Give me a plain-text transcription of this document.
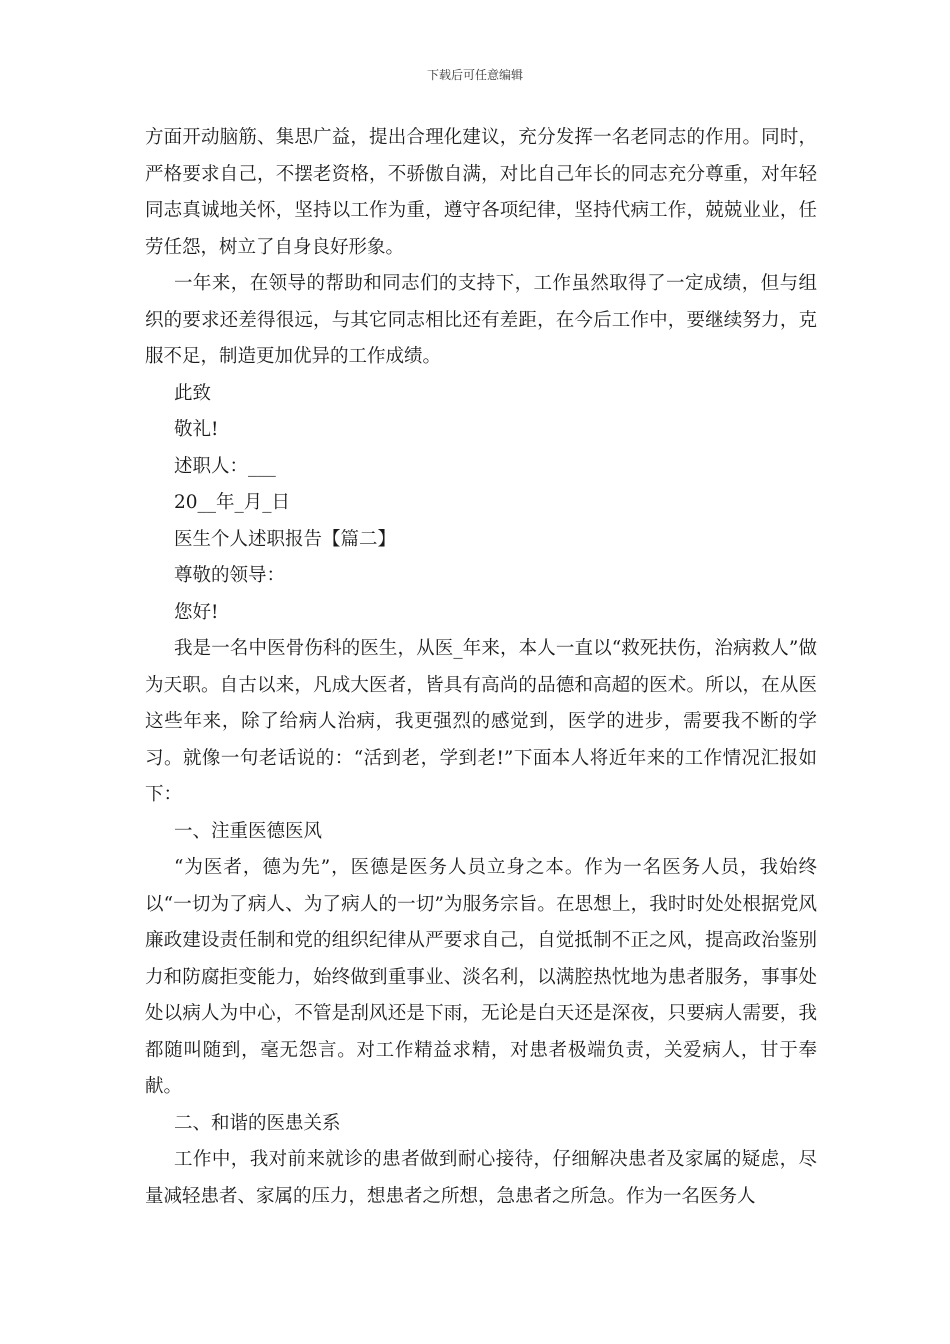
下载后可任意编辑

方面开动脑筋、集思广益，提出合理化建议，充分发挥一名老同志的作用。同时，严格要求自己，不摆老资格，不骄傲自满，对比自己年长的同志充分尊重，对年轻同志真诚地关怀，坚持以工作为重，遵守各项纪律，坚持代病工作，兢兢业业，任劳任怨，树立了自身良好形象。

一年来，在领导的帮助和同志们的支持下，工作虽然取得了一定成绩，但与组织的要求还差得很远，与其它同志相比还有差距，在今后工作中，要继续努力，克服不足，制造更加优异的工作成绩。

此致

敬礼!

述职人：___

20__年_月_日

医生个人述职报告【篇二】

尊敬的领导：

您好!

我是一名中医骨伤科的医生，从医_年来，本人一直以“救死扶伤，治病救人”做为天职。自古以来，凡成大医者，皆具有高尚的品德和高超的医术。所以，在从医这些年来，除了给病人治病，我更强烈的感觉到，医学的进步，需要我不断的学习。就像一句老话说的：“活到老，学到老!”下面本人将近年来的工作情况汇报如下：

一、注重医德医风

“为医者，德为先”，医德是医务人员立身之本。作为一名医务人员，我始终以“一切为了病人、为了病人的一切”为服务宗旨。在思想上，我时时处处根据党风廉政建设责任制和党的组织纪律从严要求自己，自觉抵制不正之风，提高政治鉴别力和防腐拒变能力，始终做到重事业、淡名利，以满腔热忱地为患者服务，事事处处以病人为中心，不管是刮风还是下雨，无论是白天还是深夜，只要病人需要，我都随叫随到，毫无怨言。对工作精益求精，对患者极端负责，关爱病人，甘于奉献。

二、和谐的医患关系

工作中，我对前来就诊的患者做到耐心接待，仔细解决患者及家属的疑虑，尽量减轻患者、家属的压力，想患者之所想，急患者之所急。作为一名医务人
